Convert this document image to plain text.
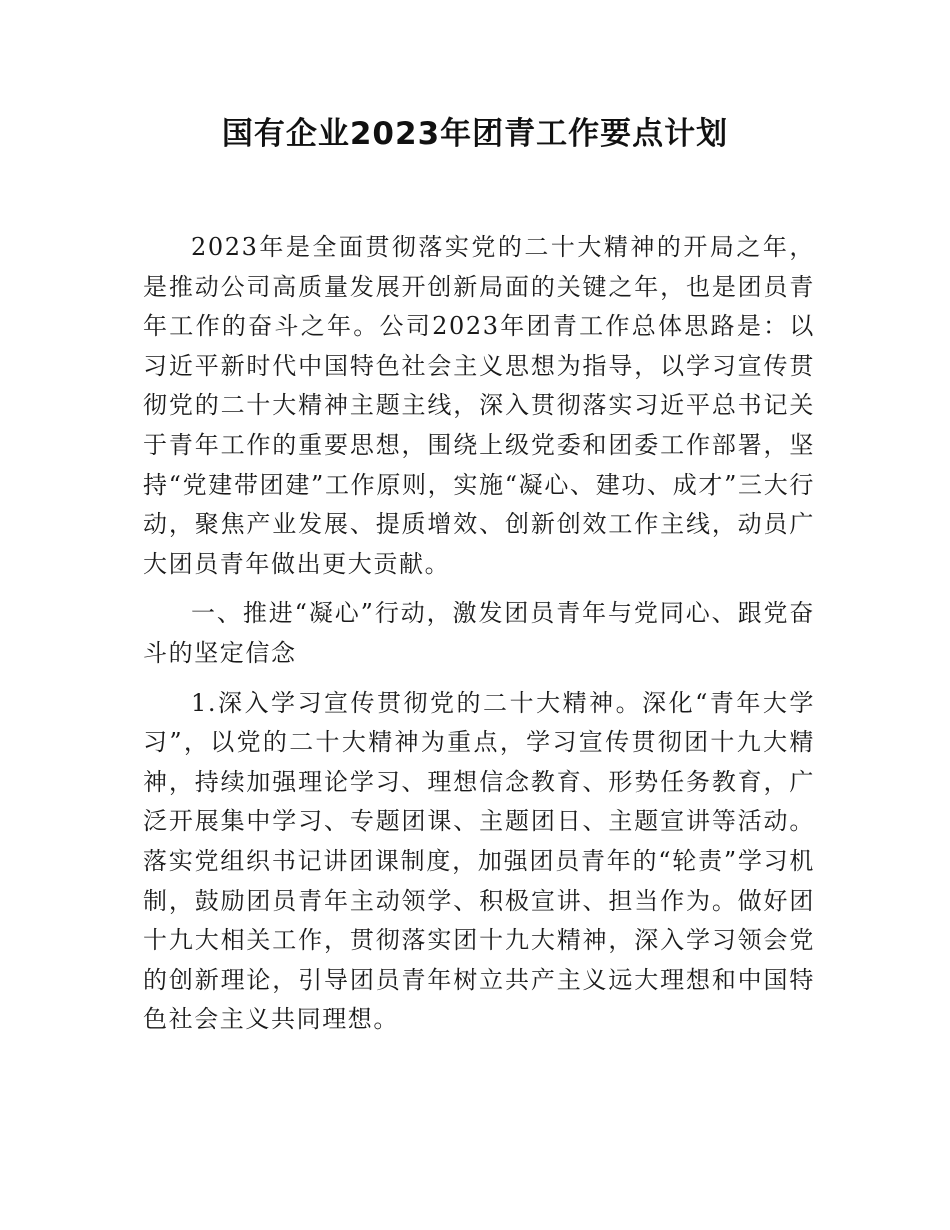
国有企业2023年团青工作要点计划

2023年是全面贯彻落实党的二十大精神的开局之年，是推动公司高质量发展开创新局面的关键之年，也是团员青年工作的奋斗之年。公司2023年团青工作总体思路是：以习近平新时代中国特色社会主义思想为指导，以学习宣传贯彻党的二十大精神主题主线，深入贯彻落实习近平总书记关于青年工作的重要思想，围绕上级党委和团委工作部署，坚持“党建带团建”工作原则，实施“凝心、建功、成才”三大行动，聚焦产业发展、提质增效、创新创效工作主线，动员广大团员青年做出更大贡献。

一、推进“凝心”行动，激发团员青年与党同心、跟党奋斗的坚定信念

1.深入学习宣传贯彻党的二十大精神。深化“青年大学习”，以党的二十大精神为重点，学习宣传贯彻团十九大精神，持续加强理论学习、理想信念教育、形势任务教育，广泛开展集中学习、专题团课、主题团日、主题宣讲等活动。落实党组织书记讲团课制度，加强团员青年的“轮责”学习机制，鼓励团员青年主动领学、积极宣讲、担当作为。做好团十九大相关工作，贯彻落实团十九大精神，深入学习领会党的创新理论，引导团员青年树立共产主义远大理想和中国特色社会主义共同理想。
